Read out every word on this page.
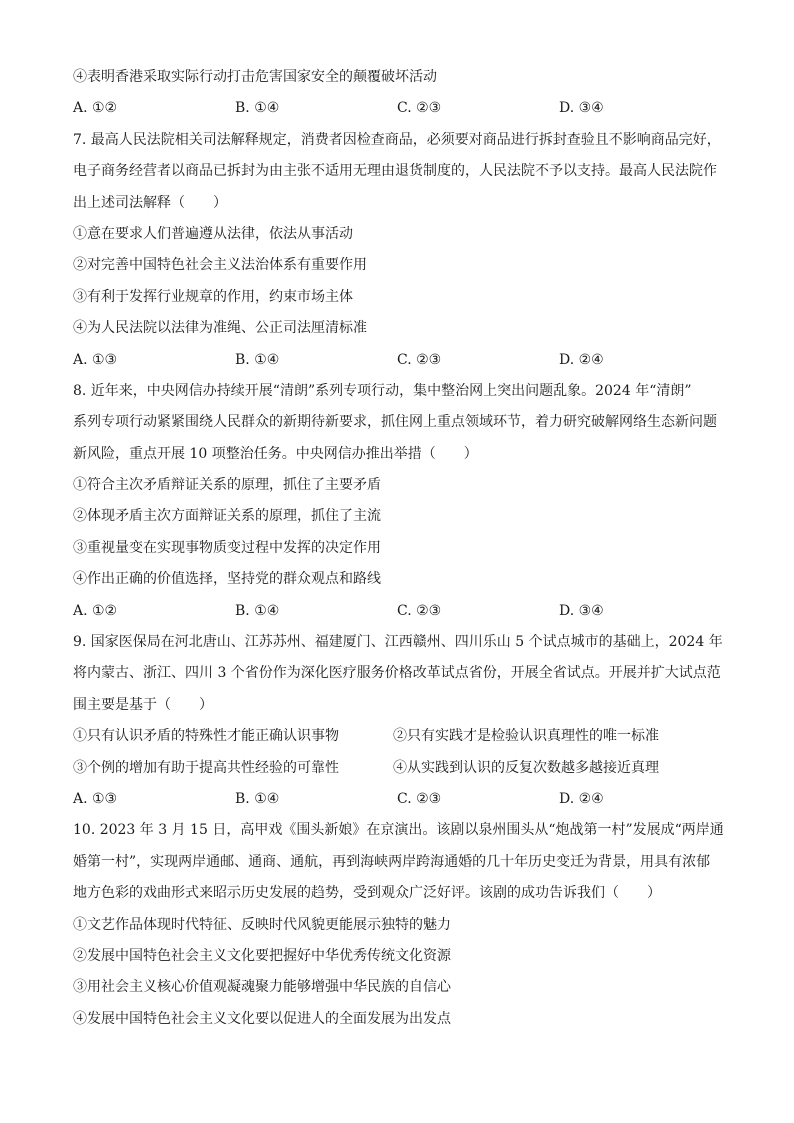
④表明香港采取实际行动打击危害国家安全的颠覆破坏活动
A. ①②	B. ①④	C. ②③	D. ③④
7. 最高人民法院相关司法解释规定，消费者因检查商品，必须要对商品进行拆封查验且不影响商品完好，
电子商务经营者以商品已拆封为由主张不适用无理由退货制度的，人民法院不予以支持。最高人民法院作
出上述司法解释（　　）
①意在要求人们普遍遵从法律，依法从事活动
②对完善中国特色社会主义法治体系有重要作用
③有利于发挥行业规章的作用，约束市场主体
④为人民法院以法律为准绳、公正司法厘清标准
A. ①③	B. ①④	C. ②③	D. ②④
8. 近年来，中央网信办持续开展“清朗”系列专项行动，集中整治网上突出问题乱象。2024 年“清朗”
系列专项行动紧紧围绕人民群众的新期待新要求，抓住网上重点领域环节，着力研究破解网络生态新问题
新风险，重点开展 10 项整治任务。中央网信办推出举措（　　）
①符合主次矛盾辩证关系的原理，抓住了主要矛盾
②体现矛盾主次方面辩证关系的原理，抓住了主流
③重视量变在实现事物质变过程中发挥的决定作用
④作出正确的价值选择，坚持党的群众观点和路线
A. ①②	B. ①④	C. ②③	D. ③④
9. 国家医保局在河北唐山、江苏苏州、福建厦门、江西赣州、四川乐山 5 个试点城市的基础上，2024 年
将内蒙古、浙江、四川 3 个省份作为深化医疗服务价格改革试点省份，开展全省试点。开展并扩大试点范
围主要是基于（　　）
①只有认识矛盾的特殊性才能正确认识事物	②只有实践才是检验认识真理性的唯一标准
③个例的增加有助于提高共性经验的可靠性	④从实践到认识的反复次数越多越接近真理
A. ①③	B. ①④	C. ②③	D. ②④
10. 2023 年 3 月 15 日，高甲戏《围头新娘》在京演出。该剧以泉州围头从“炮战第一村”发展成“两岸通
婚第一村”，实现两岸通邮、通商、通航，再到海峡两岸跨海通婚的几十年历史变迁为背景，用具有浓郁
地方色彩的戏曲形式来昭示历史发展的趋势，受到观众广泛好评。该剧的成功告诉我们（　　）
①文艺作品体现时代特征、反映时代风貌更能展示独特的魅力
②发展中国特色社会主义文化要把握好中华优秀传统文化资源
③用社会主义核心价值观凝魂聚力能够增强中华民族的自信心
④发展中国特色社会主义文化要以促进人的全面发展为出发点
